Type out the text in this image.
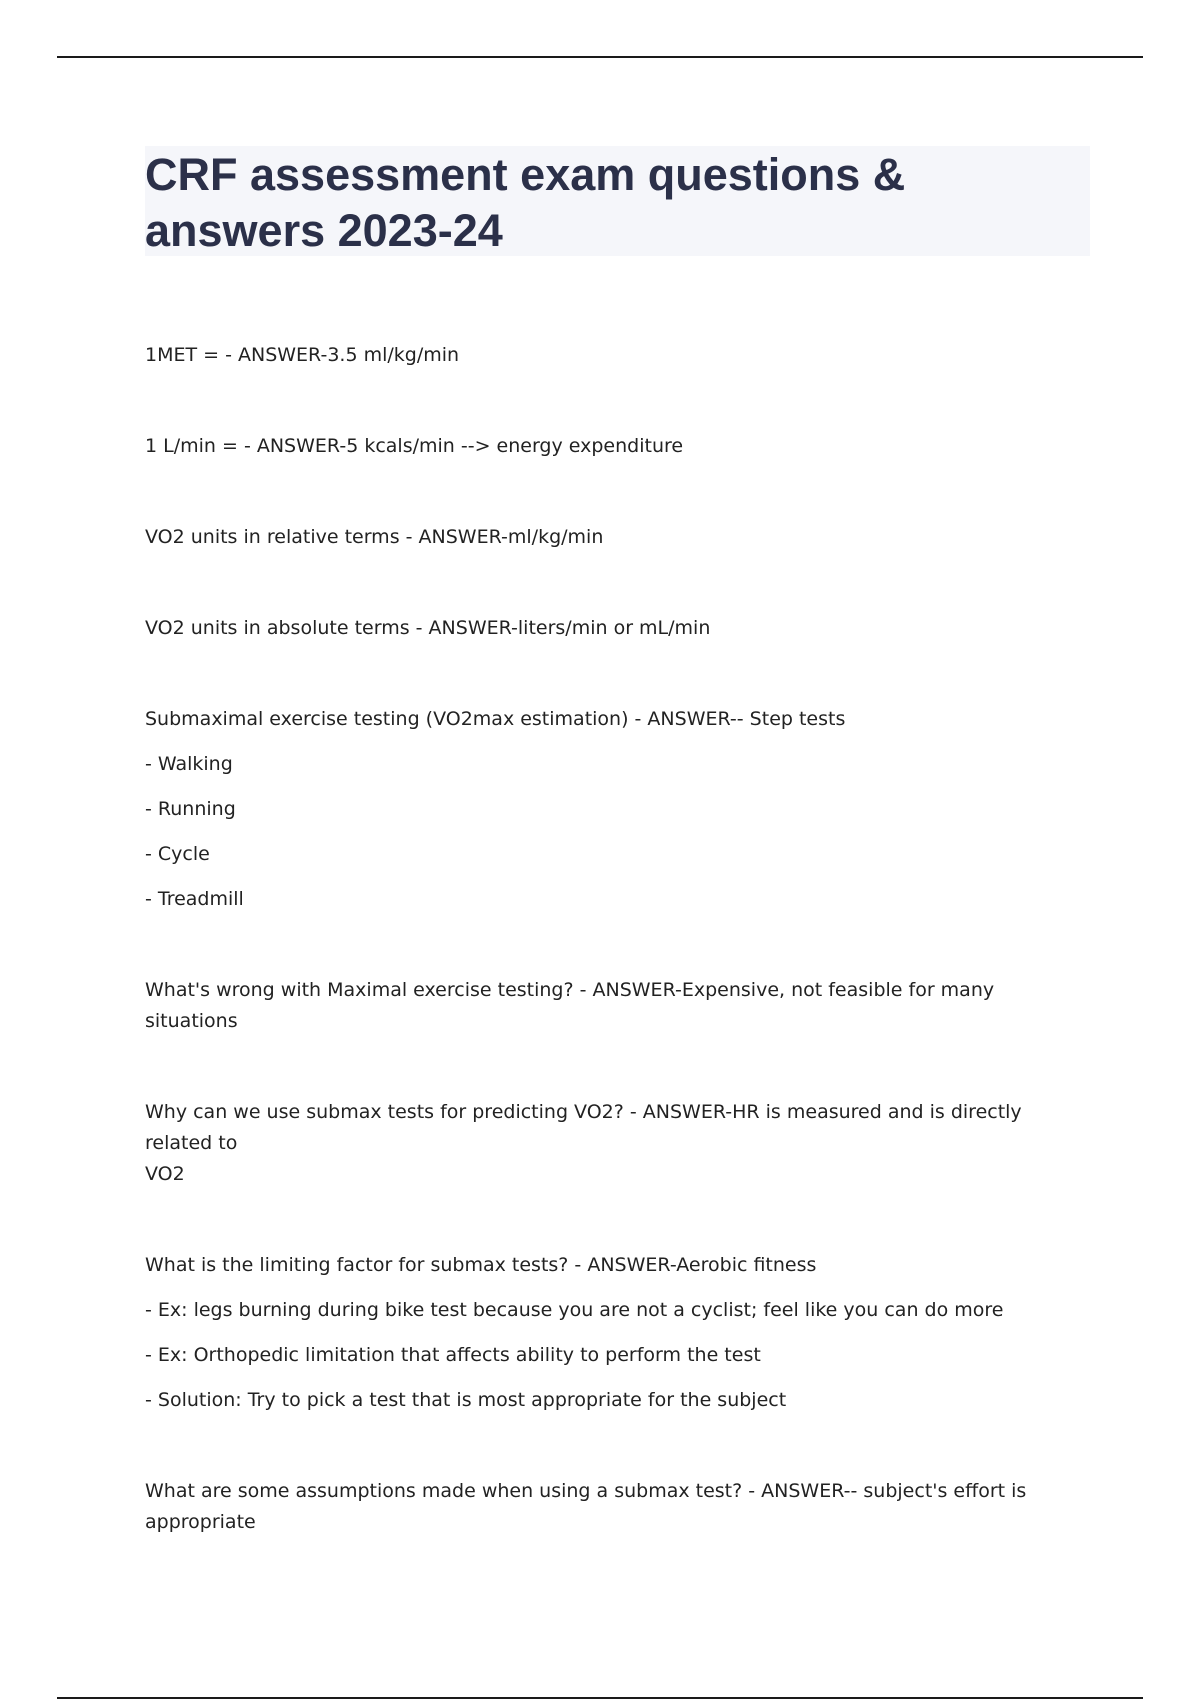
CRF assessment exam questions &
answers 2023-24

1MET = - ANSWER-3.5 ml/kg/min

1 L/min = - ANSWER-5 kcals/min --> energy expenditure

VO2 units in relative terms - ANSWER-ml/kg/min

VO2 units in absolute terms - ANSWER-liters/min or mL/min

Submaximal exercise testing (VO2max estimation) - ANSWER-- Step tests

- Walking

- Running

- Cycle

- Treadmill

What's wrong with Maximal exercise testing? - ANSWER-Expensive, not feasible for many situations

Why can we use submax tests for predicting VO2? - ANSWER-HR is measured and is directly related to

VO2

What is the limiting factor for submax tests? - ANSWER-Aerobic fitness

- Ex: legs burning during bike test because you are not a cyclist; feel like you can do more

- Ex: Orthopedic limitation that affects ability to perform the test

- Solution: Try to pick a test that is most appropriate for the subject

What are some assumptions made when using a submax test? - ANSWER-- subject's effort is appropriate
